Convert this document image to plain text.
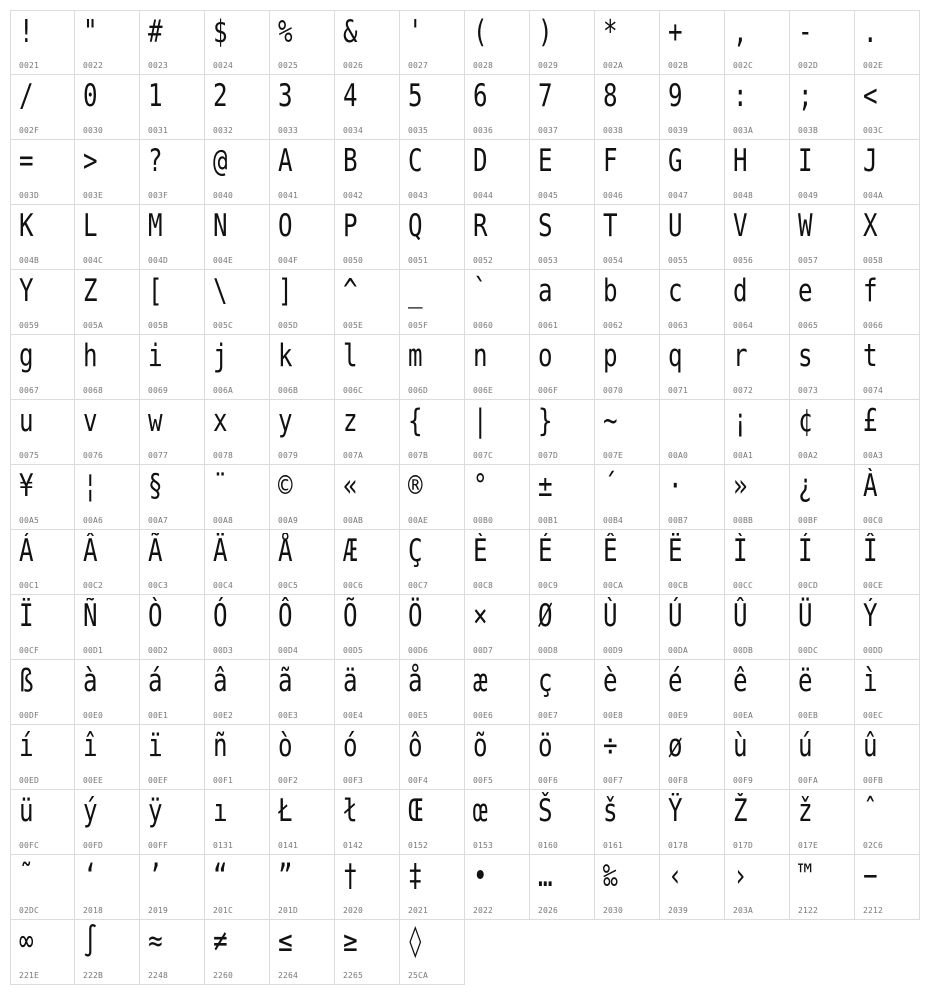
!
0021
"
0022
#
0023
$
0024
%
0025
&
0026
'
0027
(
0028
)
0029
*
002A
+
002B
,
002C
-
002D
.
002E
/
002F
0
0030
1
0031
2
0032
3
0033
4
0034
5
0035
6
0036
7
0037
8
0038
9
0039
:
003A
;
003B
<
003C
=
003D
>
003E
?
003F
@
0040
A
0041
B
0042
C
0043
D
0044
E
0045
F
0046
G
0047
H
0048
I
0049
J
004A
K
004B
L
004C
M
004D
N
004E
O
004F
P
0050
Q
0051
R
0052
S
0053
T
0054
U
0055
V
0056
W
0057
X
0058
Y
0059
Z
005A
[
005B
\
005C
]
005D
^
005E
_
005F
`
0060
a
0061
b
0062
c
0063
d
0064
e
0065
f
0066
g
0067
h
0068
i
0069
j
006A
k
006B
l
006C
m
006D
n
006E
o
006F
p
0070
q
0071
r
0072
s
0073
t
0074
u
0075
v
0076
w
0077
x
0078
y
0079
z
007A
{
007B
|
007C
}
007D
~
007E	00A0
¡
00A1
¢
00A2
£
00A3
¥
00A5
¦
00A6
§
00A7
¨
00A8
©
00A9
«
00AB
®
00AE
°
00B0
±
00B1
´
00B4
·
00B7
»
00BB
¿
00BF
À
00C0
Á
00C1
Â
00C2
Ã
00C3
Ä
00C4
Å
00C5
Æ
00C6
Ç
00C7
È
00C8
É
00C9
Ê
00CA
Ë
00CB
Ì
00CC
Í
00CD
Î
00CE
Ï
00CF
Ñ
00D1
Ò
00D2
Ó
00D3
Ô
00D4
Õ
00D5
Ö
00D6
×
00D7
Ø
00D8
Ù
00D9
Ú
00DA
Û
00DB
Ü
00DC
Ý
00DD
ß
00DF
à
00E0
á
00E1
â
00E2
ã
00E3
ä
00E4
å
00E5
æ
00E6
ç
00E7
è
00E8
é
00E9
ê
00EA
ë
00EB
ì
00EC
í
00ED
î
00EE
ï
00EF
ñ
00F1
ò
00F2
ó
00F3
ô
00F4
õ
00F5
ö
00F6
÷
00F7
ø
00F8
ù
00F9
ú
00FA
û
00FB
ü
00FC
ý
00FD
ÿ
00FF
ı
0131
Ł
0141
ł
0142
Œ
0152
œ
0153
Š
0160
š
0161
Ÿ
0178
Ž
017D
ž
017E
ˆ
02C6
˜
02DC
‘
2018
’
2019
“
201C
”
201D
†
2020
‡
2021
•
2022
…
2026
‰
2030
‹
2039
›
203A
™
2122
−
2212
∞
221E
∫
222B
≈
2248
≠
2260
≤
2264
≥
2265
◊
25CA
